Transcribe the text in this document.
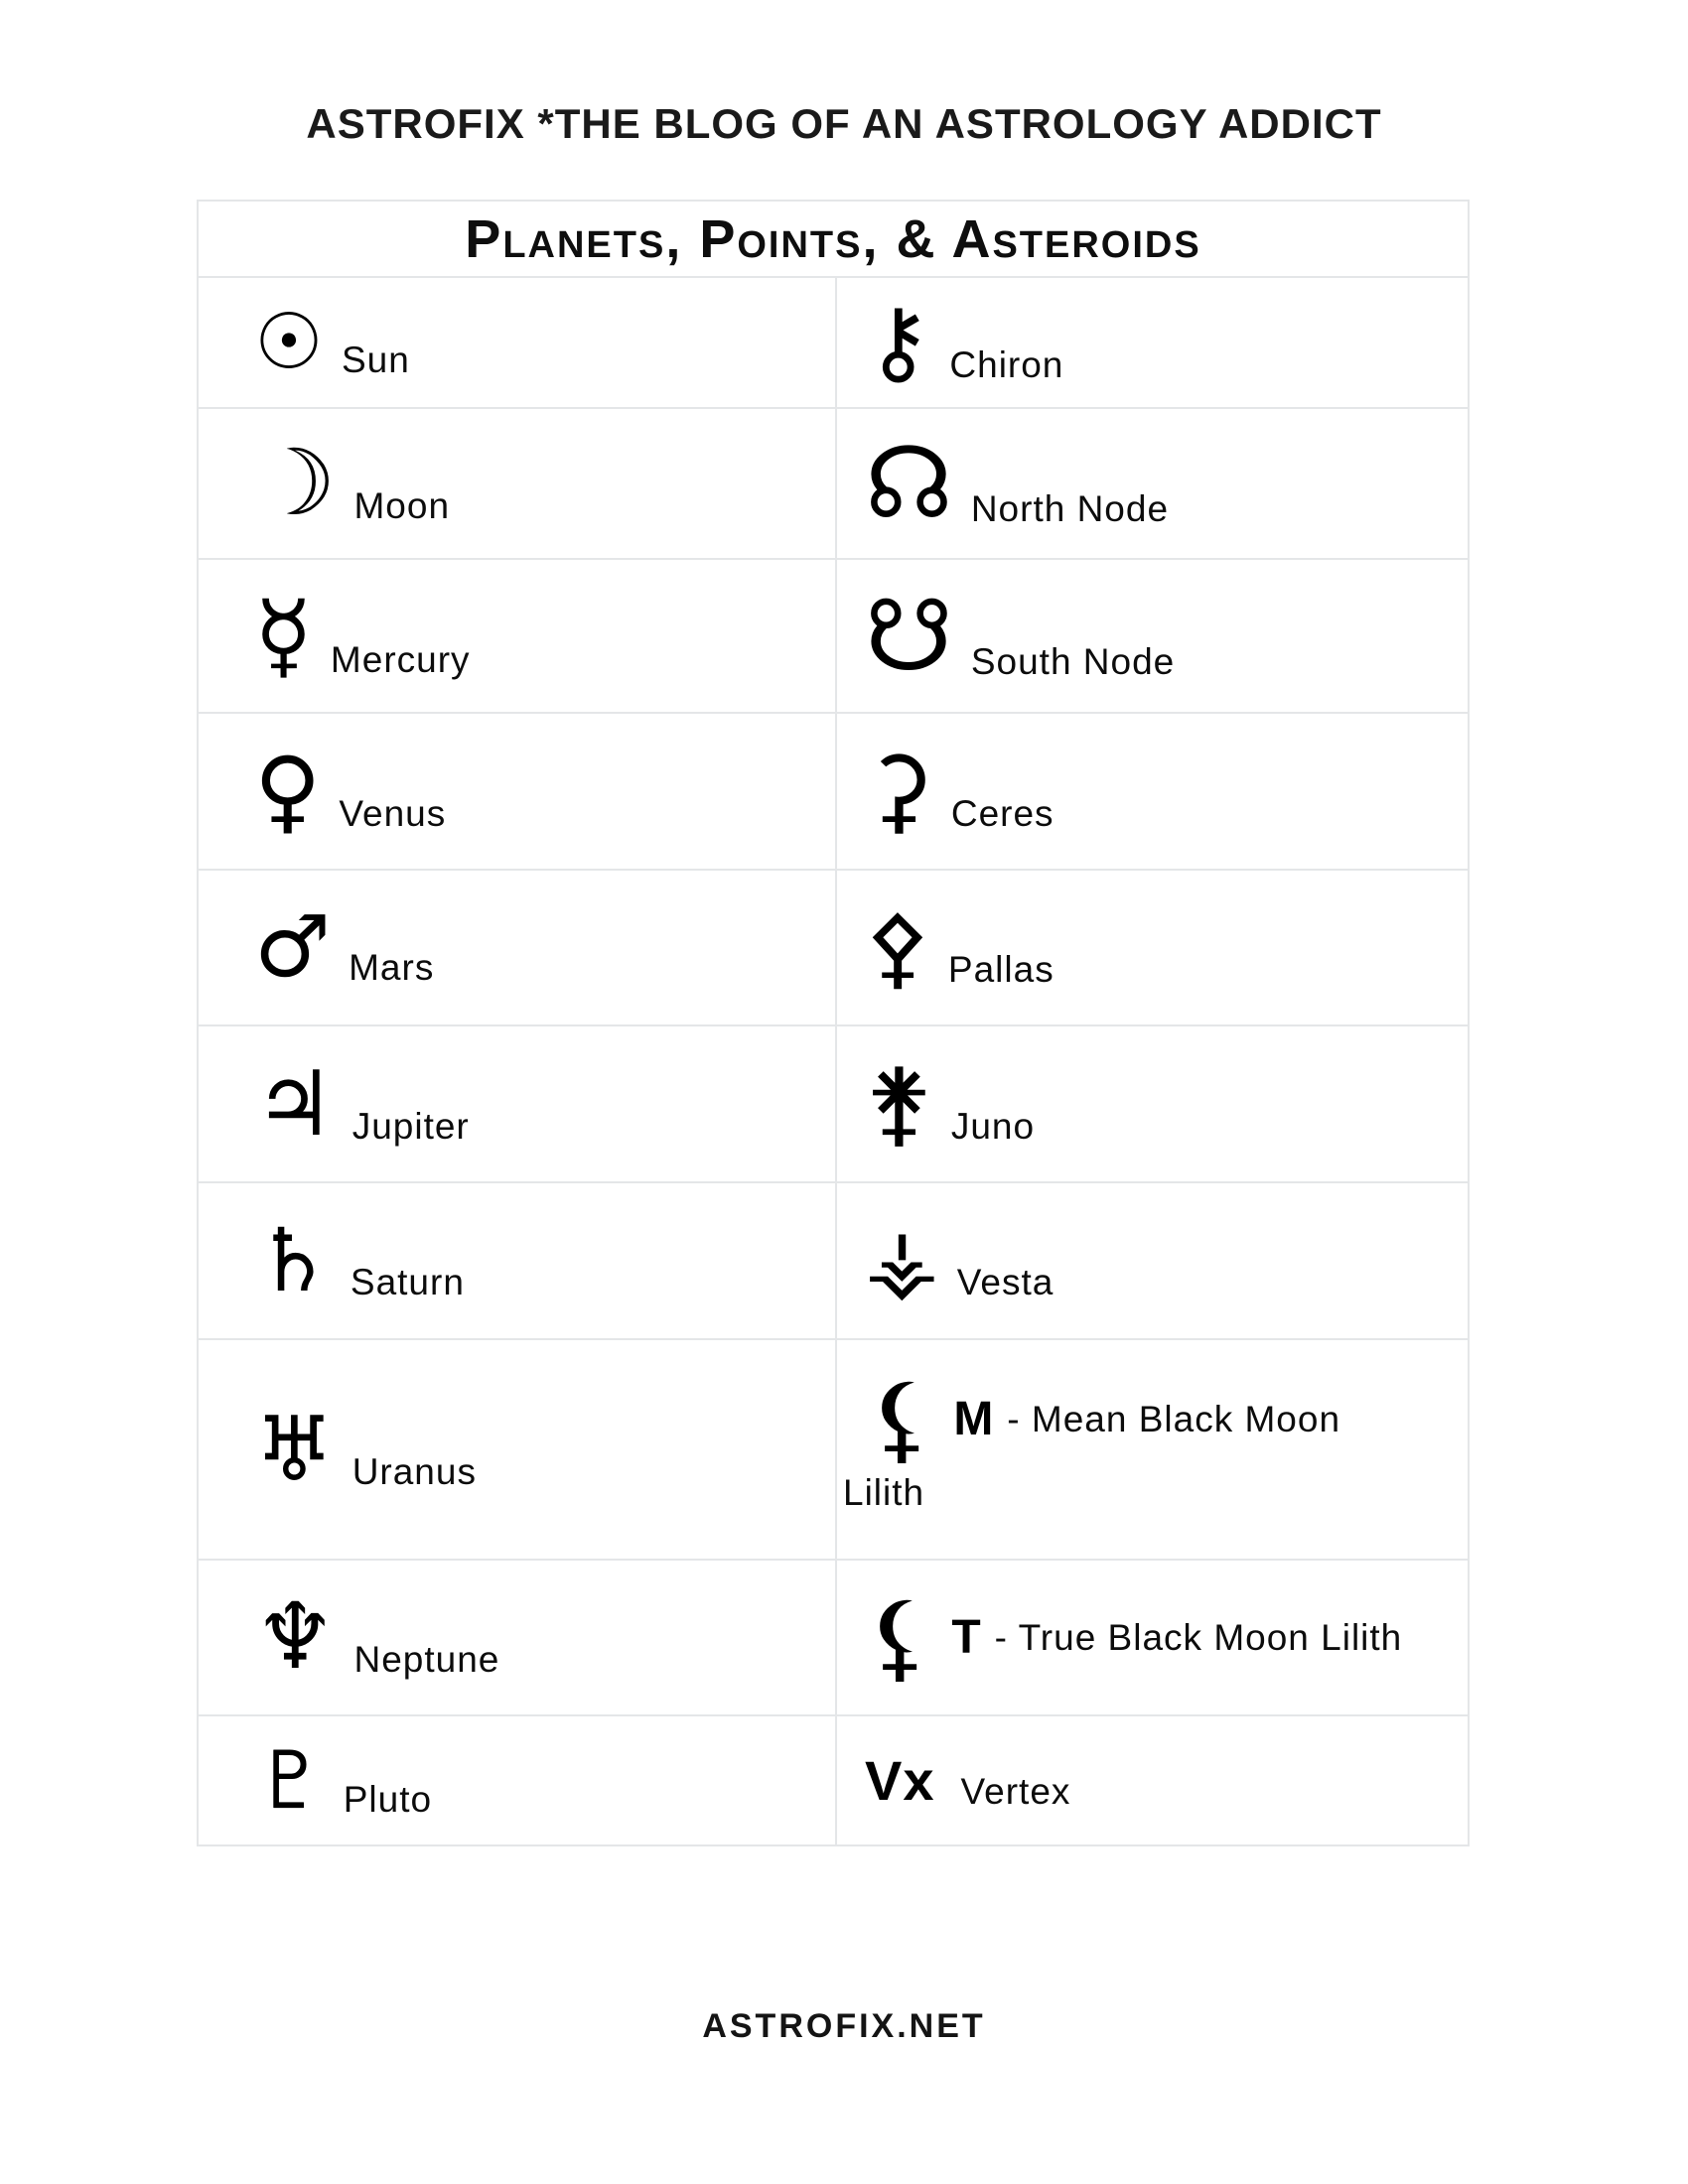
ASTROFIX *THE BLOG OF AN ASTROLOGY ADDICT
Planets, Points, & Asteroids
☉ Sun	⚷ Chiron
☽ Moon	☊ North Node
☿ Mercury	☋ South Node
♀ Venus	⚳ Ceres
♂ Mars	⚴ Pallas
♃ Jupiter	⚵ Juno
♄ Saturn	⚶ Vesta
♅ Uranus	⚸ M - Mean Black Moon Lilith
♆ Neptune	⚸ T - True Black Moon Lilith
♇ Pluto	Vx Vertex
ASTROFIX.NET
